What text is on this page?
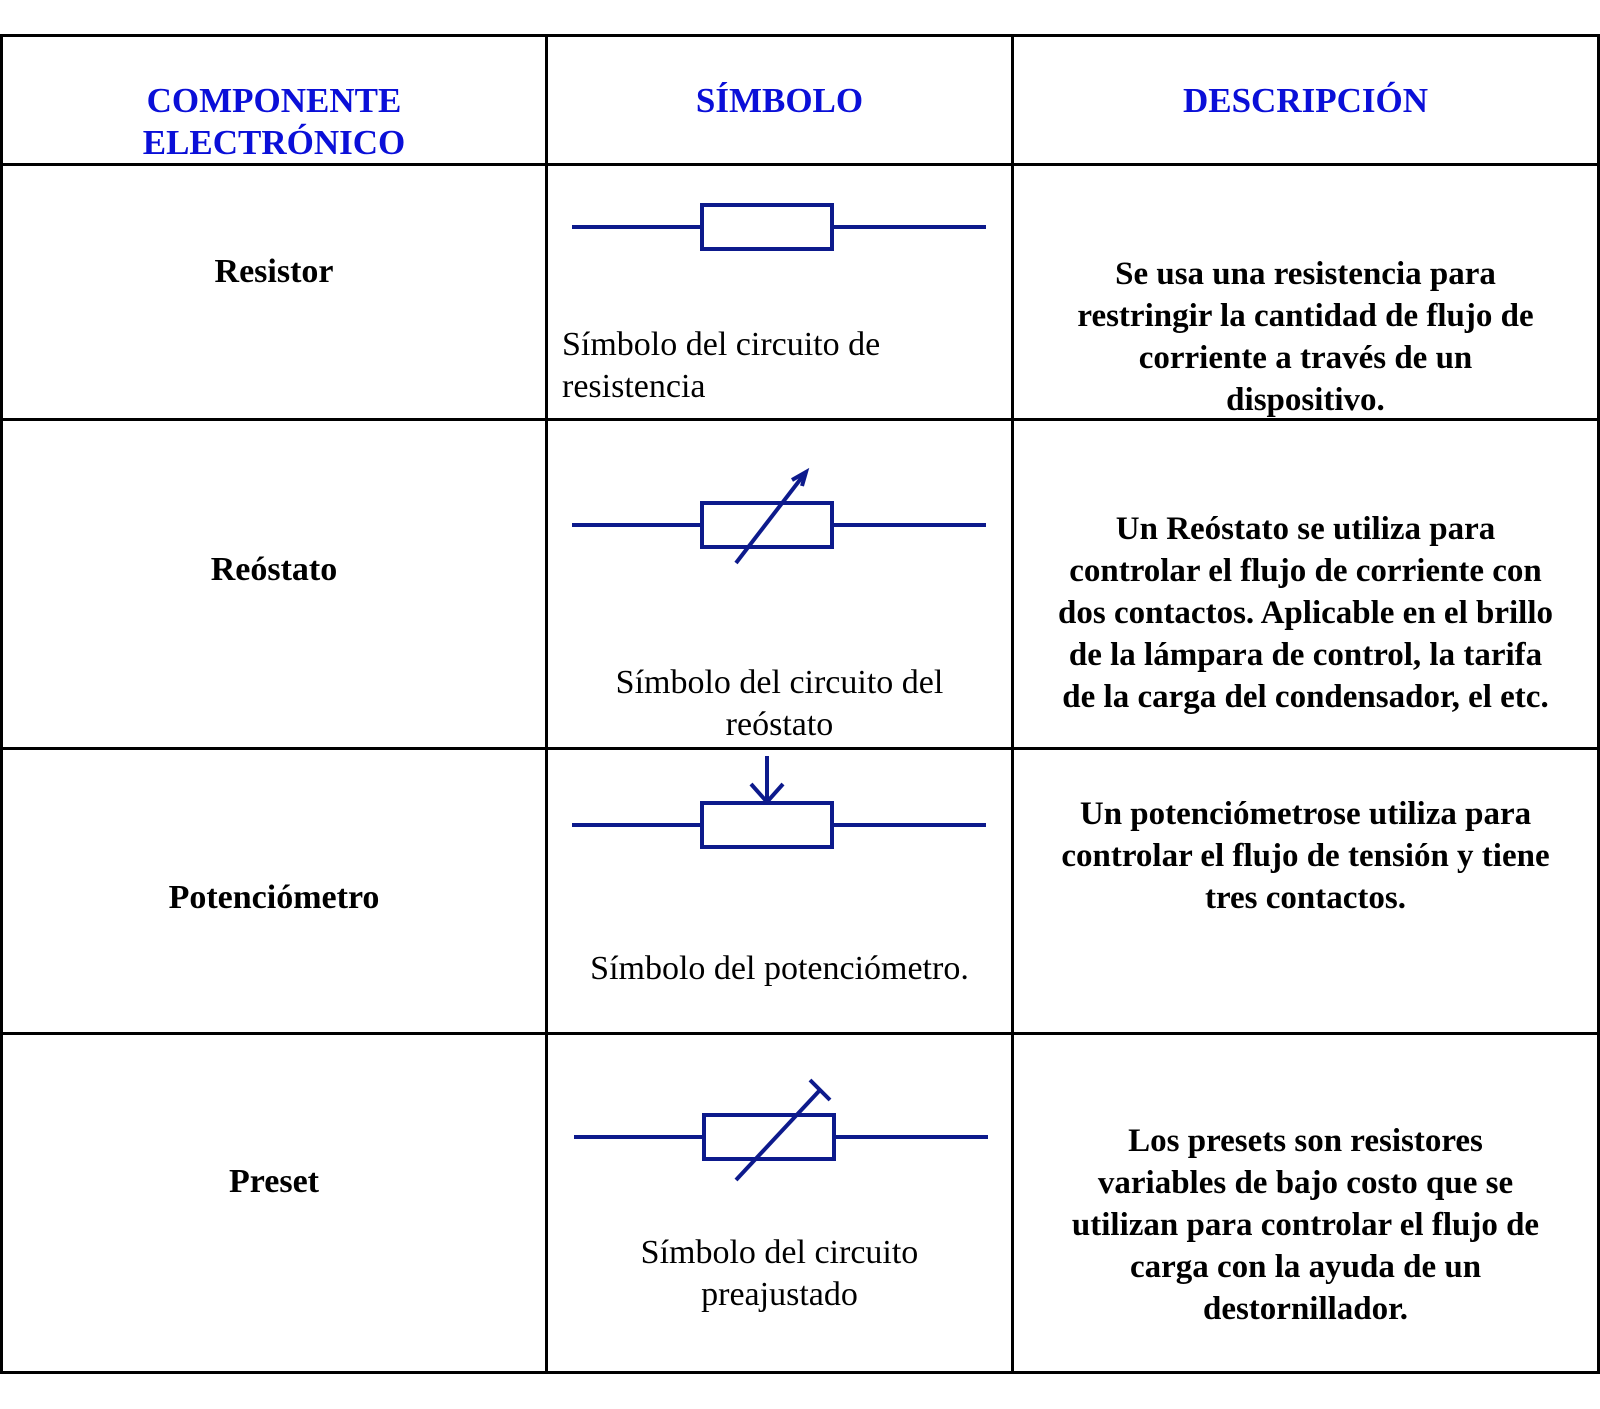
COMPONENTE
ELECTRÓNICO
SÍMBOLO	DESCRIPCIÓN
Resistor
Símbolo del circuito de
resistencia
Se usa una resistencia para
restringir la cantidad de flujo de
corriente a través de un
dispositivo.
Reóstato
Símbolo del circuito del
reóstato
Un Reóstato se utiliza para
controlar el flujo de corriente con
dos contactos. Aplicable en el brillo
de la lámpara de control, la tarifa
de la carga del condensador, el etc.
Potenciómetro
Símbolo del potenciómetro.
Un potenciómetrose utiliza para
controlar el flujo de tensión y tiene
tres contactos.
Preset
Símbolo del circuito
preajustado
Los presets son resistores
variables de bajo costo que se
utilizan para controlar el flujo de
carga con la ayuda de un
destornillador.
